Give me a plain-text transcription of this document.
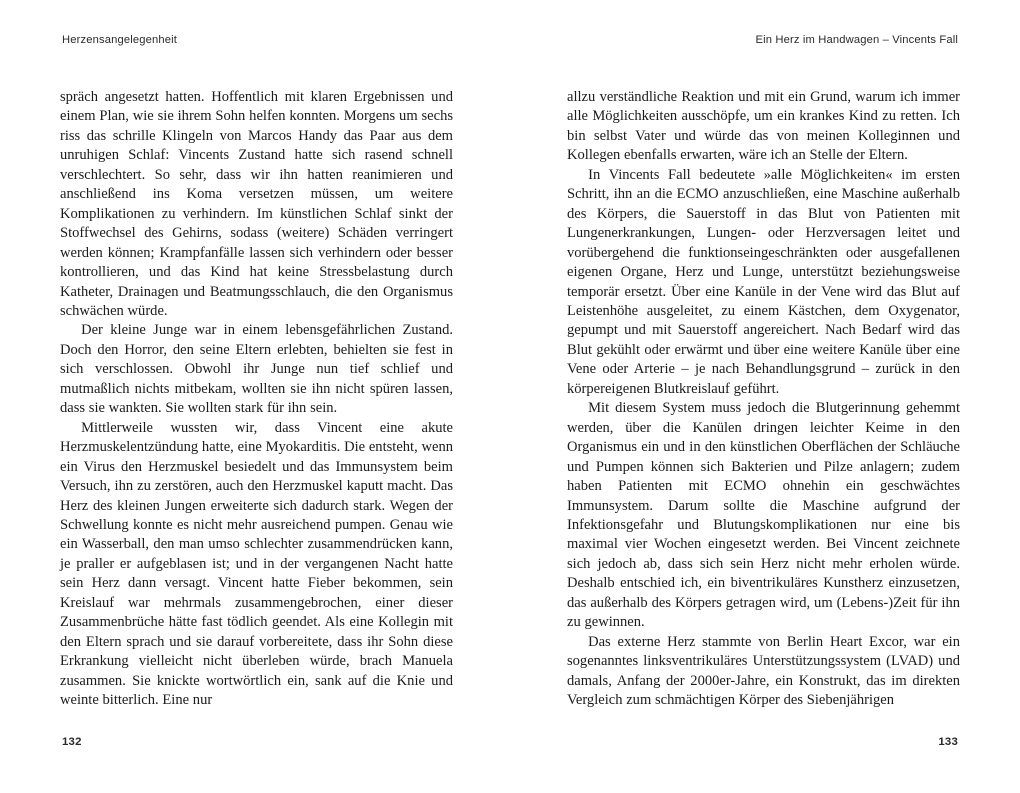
Herzensangelegenheit

spräch angesetzt hatten. Hoffentlich mit klaren Ergebnissen und einem Plan, wie sie ihrem Sohn helfen konnten. Morgens um sechs riss das schrille Klingeln von Marcos Handy das Paar aus dem unruhigen Schlaf: Vincents Zustand hatte sich rasend schnell verschlechtert. So sehr, dass wir ihn hatten reanimieren und anschließend ins Koma versetzen müssen, um weitere Komplikationen zu verhindern. Im künstlichen Schlaf sinkt der Stoffwechsel des Gehirns, sodass (weitere) Schäden verringert werden können; Krampfanfälle lassen sich verhindern oder besser kontrollieren, und das Kind hat keine Stressbelastung durch Katheter, Drainagen und Beatmungsschlauch, die den Organismus schwächen würde.

Der kleine Junge war in einem lebensgefährlichen Zustand. Doch den Horror, den seine Eltern erlebten, behielten sie fest in sich verschlossen. Obwohl ihr Junge nun tief schlief und mutmaßlich nichts mitbekam, wollten sie ihn nicht spüren lassen, dass sie wankten. Sie wollten stark für ihn sein.

Mittlerweile wussten wir, dass Vincent eine akute Herzmuskelentzündung hatte, eine Myokarditis. Die entsteht, wenn ein Virus den Herzmuskel besiedelt und das Immunsystem beim Versuch, ihn zu zerstören, auch den Herzmuskel kaputt macht. Das Herz des kleinen Jungen erweiterte sich dadurch stark. Wegen der Schwellung konnte es nicht mehr ausreichend pumpen. Genau wie ein Wasserball, den man umso schlechter zusammendrücken kann, je praller er aufgeblasen ist; und in der vergangenen Nacht hatte sein Herz dann versagt. Vincent hatte Fieber bekommen, sein Kreislauf war mehrmals zusammengebrochen, einer dieser Zusammenbrüche hätte fast tödlich geendet. Als eine Kollegin mit den Eltern sprach und sie darauf vorbereitete, dass ihr Sohn diese Erkrankung vielleicht nicht überleben würde, brach Manuela zusammen. Sie knickte wortwörtlich ein, sank auf die Knie und weinte bitterlich. Eine nur

132
Ein Herz im Handwagen – Vincents Fall

allzu verständliche Reaktion und mit ein Grund, warum ich immer alle Möglichkeiten ausschöpfe, um ein krankes Kind zu retten. Ich bin selbst Vater und würde das von meinen Kolleginnen und Kollegen ebenfalls erwarten, wäre ich an Stelle der Eltern.

In Vincents Fall bedeutete »alle Möglichkeiten« im ersten Schritt, ihn an die ECMO anzuschließen, eine Maschine außerhalb des Körpers, die Sauerstoff in das Blut von Patienten mit Lungenerkrankungen, Lungen- oder Herzversagen leitet und vorübergehend die funktionseingeschränkten oder ausgefallenen eigenen Organe, Herz und Lunge, unterstützt beziehungsweise temporär ersetzt. Über eine Kanüle in der Vene wird das Blut auf Leistenhöhe ausgeleitet, zu einem Kästchen, dem Oxygenator, gepumpt und mit Sauerstoff angereichert. Nach Bedarf wird das Blut gekühlt oder erwärmt und über eine weitere Kanüle über eine Vene oder Arterie – je nach Behandlungsgrund – zurück in den körpereigenen Blutkreislauf geführt.

Mit diesem System muss jedoch die Blutgerinnung gehemmt werden, über die Kanülen dringen leichter Keime in den Organismus ein und in den künstlichen Oberflächen der Schläuche und Pumpen können sich Bakterien und Pilze anlagern; zudem haben Patienten mit ECMO ohnehin ein geschwächtes Immunsystem. Darum sollte die Maschine aufgrund der Infektionsgefahr und Blutungskomplikationen nur eine bis maximal vier Wochen eingesetzt werden. Bei Vincent zeichnete sich jedoch ab, dass sich sein Herz nicht mehr erholen würde. Deshalb entschied ich, ein biventrikuläres Kunstherz einzusetzen, das außerhalb des Körpers getragen wird, um (Lebens-)Zeit für ihn zu gewinnen.

Das externe Herz stammte von Berlin Heart Excor, war ein sogenanntes linksventrikuläres Unterstützungssystem (LVAD) und damals, Anfang der 2000er-Jahre, ein Konstrukt, das im direkten Vergleich zum schmächtigen Körper des Siebenjährigen

133
